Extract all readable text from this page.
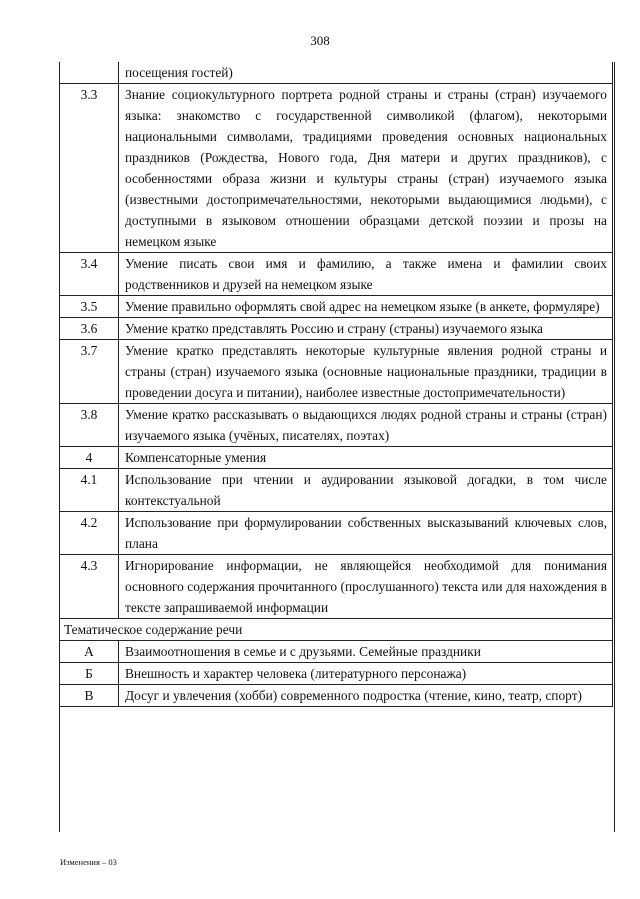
308
	посещения гостей)
3.3	Знание социокультурного портрета родной страны и страны (стран) изучаемого языка: знакомство с государственной символикой (флагом), некоторыми национальными символами, традициями проведения основных национальных праздников (Рождества, Нового года, Дня матери и других праздников), с особенностями образа жизни и культуры страны (стран) изучаемого языка (известными достопримечательностями, некоторыми выдающимися людьми), с доступными в языковом отношении образцами детской поэзии и прозы на немецком языке
3.4	Умение писать свои имя и фамилию, а также имена и фамилии своих родственников и друзей на немецком языке
3.5	Умение правильно оформлять свой адрес на немецком языке (в анкете, формуляре)
3.6	Умение кратко представлять Россию и страну (страны) изучаемого языка
3.7	Умение кратко представлять некоторые культурные явления родной страны и страны (стран) изучаемого языка (основные национальные праздники, традиции в проведении досуга и питании), наиболее известные достопримечательности)
3.8	Умение кратко рассказывать о выдающихся людях родной страны и страны (стран) изучаемого языка (учёных, писателях, поэтах)
4	Компенсаторные умения
4.1	Использование при чтении и аудировании языковой догадки, в том числе контекстуальной
4.2	Использование при формулировании собственных высказываний ключевых слов, плана
4.3	Игнорирование информации, не являющейся необходимой для понимания основного содержания прочитанного (прослушанного) текста или для нахождения в тексте запрашиваемой информации
Тематическое содержание речи	
А	Взаимоотношения в семье и с друзьями. Семейные праздники
Б	Внешность и характер человека (литературного персонажа)
В	Досуг и увлечения (хобби) современного подростка (чтение, кино, театр, спорт)
Изменения – 03
